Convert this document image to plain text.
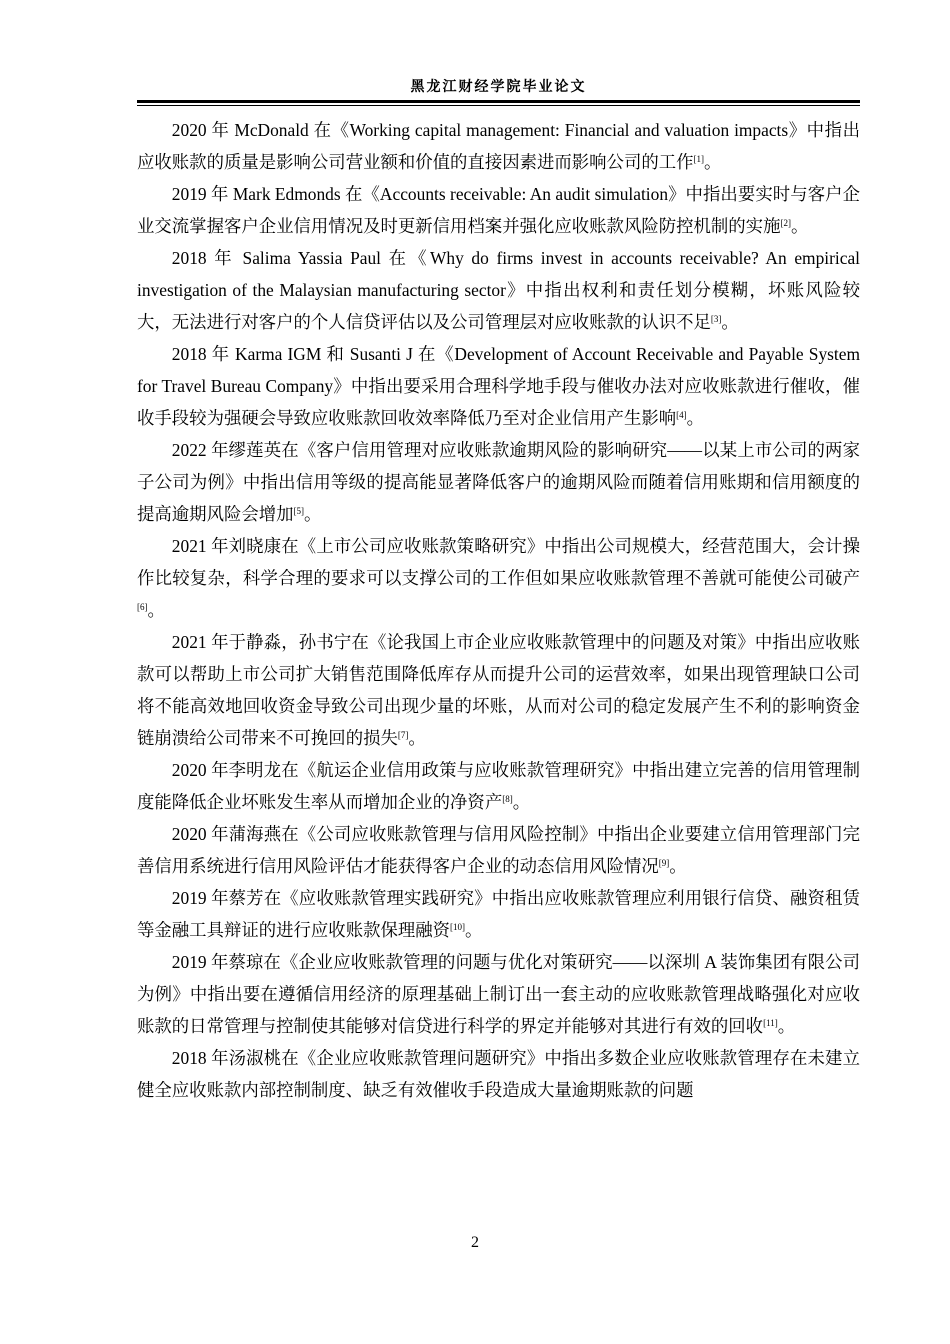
黑龙江财经学院毕业论文

2020 年 McDonald 在《Working capital management: Financial and valuation impacts》中指出应收账款的质量是影响公司营业额和价值的直接因素进而影响公司的工作[1]。

2019 年 Mark Edmonds 在《Accounts receivable: An audit simulation》中指出要实时与客户企业交流掌握客户企业信用情况及时更新信用档案并强化应收账款风险防控机制的实施[2]。

2018 年 Salima Yassia Paul 在《Why do firms invest in accounts receivable? An empirical investigation of the Malaysian manufacturing sector》中指出权利和责任划分模糊，坏账风险较大，无法进行对客户的个人信贷评估以及公司管理层对应收账款的认识不足[3]。

2018 年 Karma IGM 和 Susanti J 在《Development of Account Receivable and Payable System for Travel Bureau Company》中指出要采用合理科学地手段与催收办法对应收账款进行催收，催收手段较为强硬会导致应收账款回收效率降低乃至对企业信用产生影响[4]。

2022 年缪莲英在《客户信用管理对应收账款逾期风险的影响研究——以某上市公司的两家子公司为例》中指出信用等级的提高能显著降低客户的逾期风险而随着信用账期和信用额度的提高逾期风险会增加[5]。

2021 年刘晓康在《上市公司应收账款策略研究》中指出公司规模大，经营范围大，会计操作比较复杂，科学合理的要求可以支撑公司的工作但如果应收账款管理不善就可能使公司破产[6]。

2021 年于静淼，孙书宁在《论我国上市企业应收账款管理中的问题及对策》中指出应收账款可以帮助上市公司扩大销售范围降低库存从而提升公司的运营效率，如果出现管理缺口公司将不能高效地回收资金导致公司出现少量的坏账，从而对公司的稳定发展产生不利的影响资金链崩溃给公司带来不可挽回的损失[7]。

2020 年李明龙在《航运企业信用政策与应收账款管理研究》中指出建立完善的信用管理制度能降低企业坏账发生率从而增加企业的净资产[8]。

2020 年蒲海燕在《公司应收账款管理与信用风险控制》中指出企业要建立信用管理部门完善信用系统进行信用风险评估才能获得客户企业的动态信用风险情况[9]。

2019 年蔡芳在《应收账款管理实践研究》中指出应收账款管理应利用银行信贷、融资租赁等金融工具辩证的进行应收账款保理融资[10]。

2019 年蔡琼在《企业应收账款管理的问题与优化对策研究——以深圳 A 装饰集团有限公司为例》中指出要在遵循信用经济的原理基础上制订出一套主动的应收账款管理战略强化对应收账款的日常管理与控制使其能够对信贷进行科学的界定并能够对其进行有效的回收[11]。

2018 年汤淑桃在《企业应收账款管理问题研究》中指出多数企业应收账款管理存在未建立健全应收账款内部控制制度、缺乏有效催收手段造成大量逾期账款的问题

2
